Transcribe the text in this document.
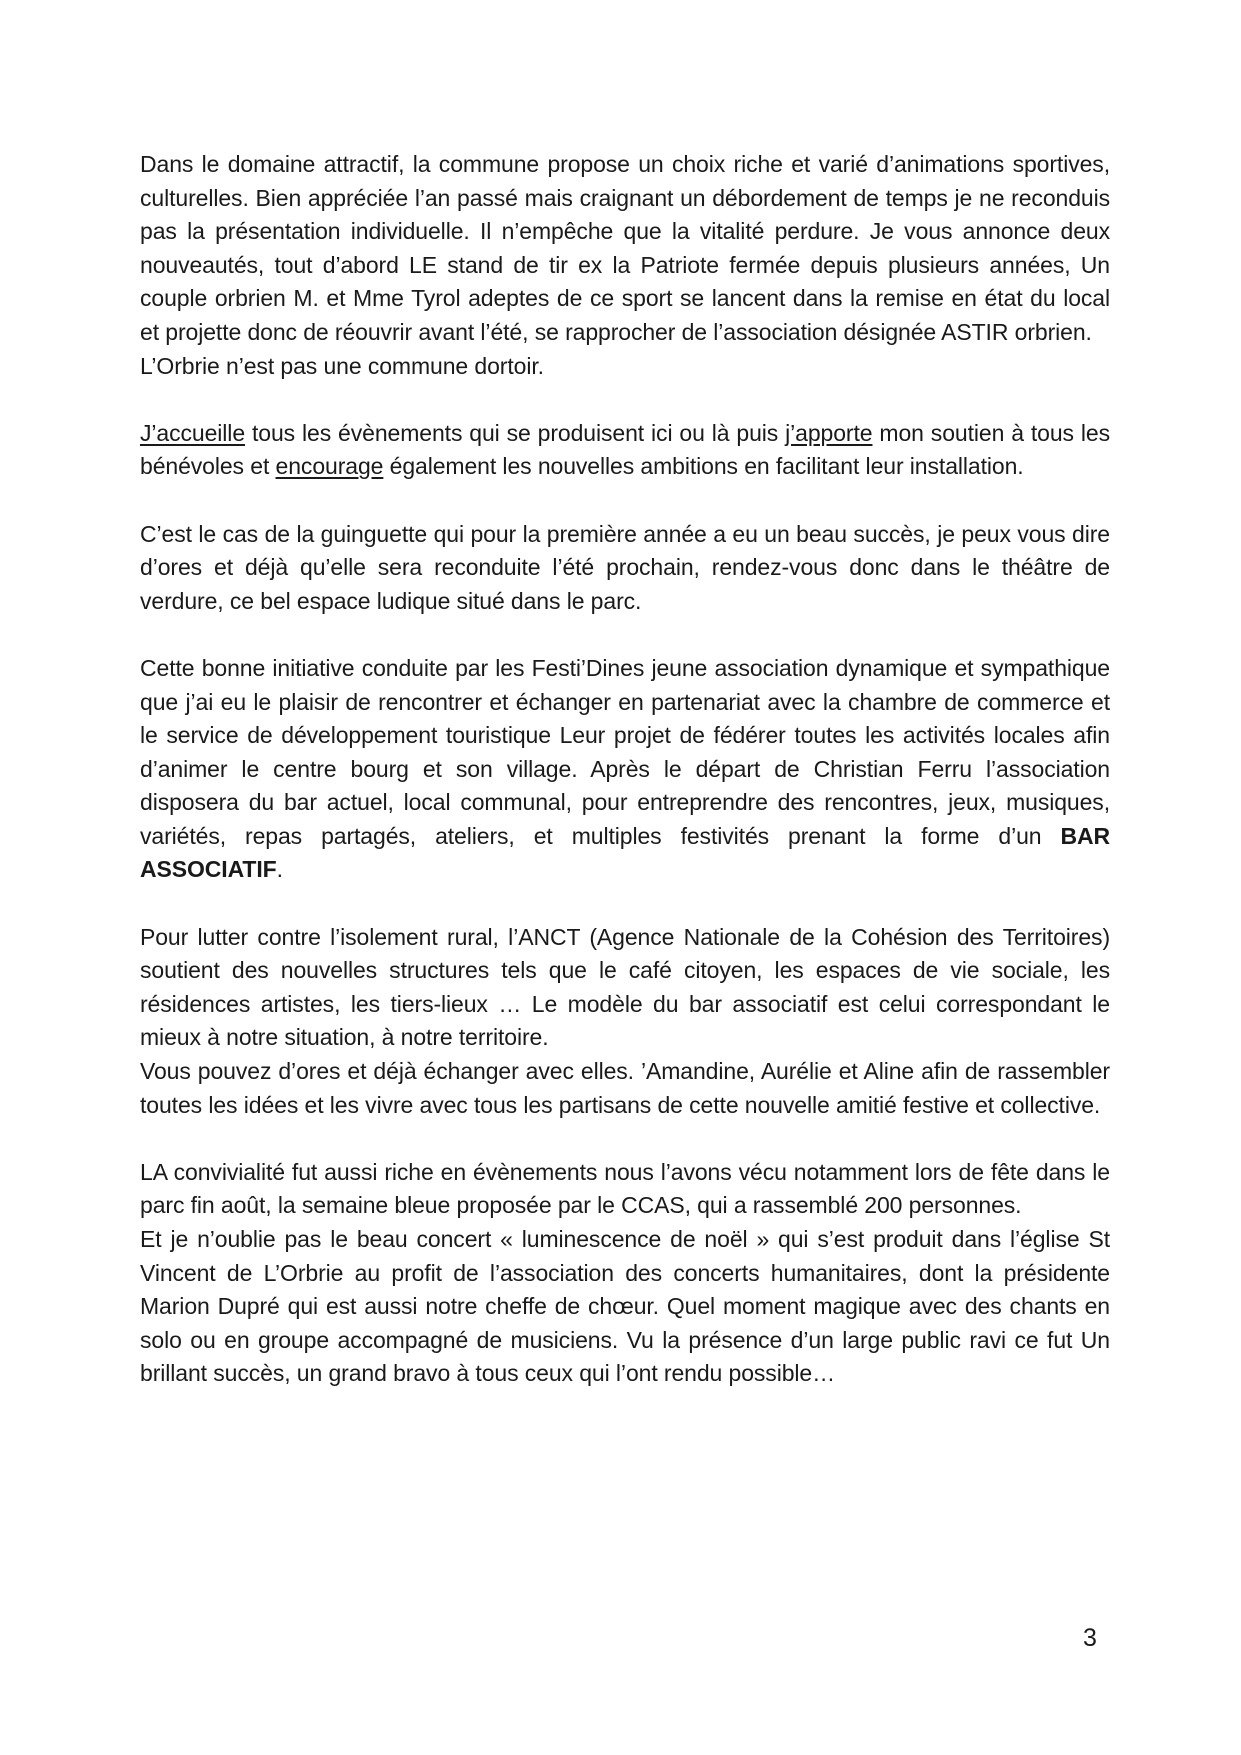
Dans le domaine attractif, la commune propose un choix riche et varié d’animations sportives, culturelles. Bien appréciée l’an passé mais craignant un débordement de temps je ne reconduis pas la présentation individuelle. Il n’empêche que la vitalité perdure. Je vous annonce deux nouveautés, tout d’abord LE stand de tir ex la Patriote fermée depuis plusieurs années, Un couple orbrien M. et Mme Tyrol adeptes de ce sport se lancent dans la remise en état du local et projette donc de réouvrir avant l’été, se rapprocher de l’association désignée ASTIR orbrien.

L’Orbrie n’est pas une commune dortoir.

J’accueille tous les évènements qui se produisent ici ou là puis j’apporte mon soutien à tous les bénévoles et encourage également les nouvelles ambitions en facilitant leur installation.

C’est le cas de la guinguette qui pour la première année a eu un beau succès, je peux vous dire d’ores et déjà qu’elle sera reconduite l’été prochain, rendez-vous donc dans le théâtre de verdure, ce bel espace ludique situé dans le parc.

Cette bonne initiative conduite par les Festi’Dines jeune association dynamique et sympathique que j’ai eu le plaisir de rencontrer et échanger en partenariat avec la chambre de commerce et le service de développement touristique Leur projet de fédérer toutes les activités locales afin d’animer le centre bourg et son village. Après le départ de Christian Ferru l’association disposera du bar actuel, local communal, pour entreprendre des rencontres, jeux, musiques, variétés, repas partagés, ateliers, et multiples festivités prenant la forme d’un BAR ASSOCIATIF.

Pour lutter contre l’isolement rural, l’ANCT (Agence Nationale de la Cohésion des Territoires) soutient des nouvelles structures tels que le café citoyen, les espaces de vie sociale, les résidences artistes, les tiers-lieux … Le modèle du bar associatif est celui correspondant le mieux à notre situation, à notre territoire.

Vous pouvez d’ores et déjà échanger avec elles. ’Amandine, Aurélie et Aline afin de rassembler toutes les idées et les vivre avec tous les partisans de cette nouvelle amitié festive et collective.

LA convivialité fut aussi riche en évènements nous l’avons vécu notamment lors de fête dans le parc fin août, la semaine bleue proposée par le CCAS, qui a rassemblé 200 personnes.

Et je n’oublie pas le beau concert « luminescence de noël » qui s’est produit dans l’église St Vincent de L’Orbrie au profit de l’association des concerts humanitaires, dont la présidente Marion Dupré qui est aussi notre cheffe de chœur. Quel moment magique avec des chants en solo ou en groupe accompagné de musiciens. Vu la présence d’un large public ravi ce fut Un brillant succès, un grand bravo à tous ceux qui l’ont rendu possible…

3
